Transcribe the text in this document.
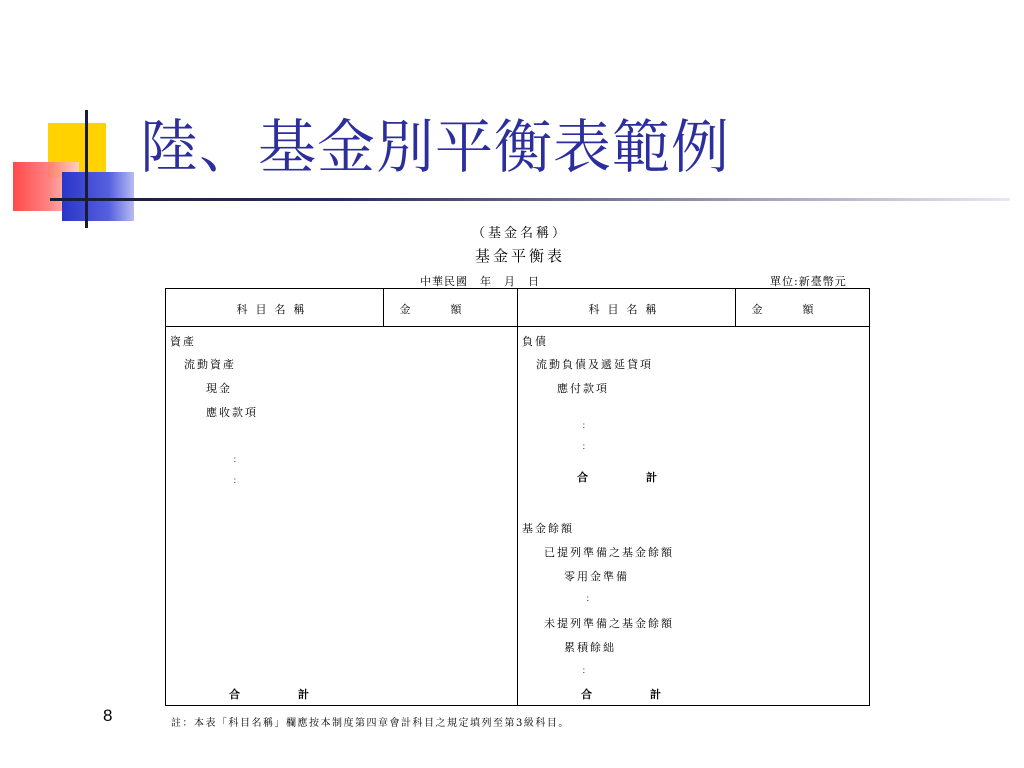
陸、基金別平衡表範例
（基金名稱）
基金平衡表
中華民國　年　月　日	單位:新臺幣元
科目名稱	金額	科目名稱	金額
資產
流動資產
現金
應收款項
：
：
合	計
負債
流動負債及遞延貸項
應付款項
：
：
合	計
基金餘額
已提列準備之基金餘額
零用金準備
：
未提列準備之基金餘額
累積餘絀
：
合	計
註：本表「科目名稱」欄應按本制度第四章會計科目之規定填列至第3級科目。
8
